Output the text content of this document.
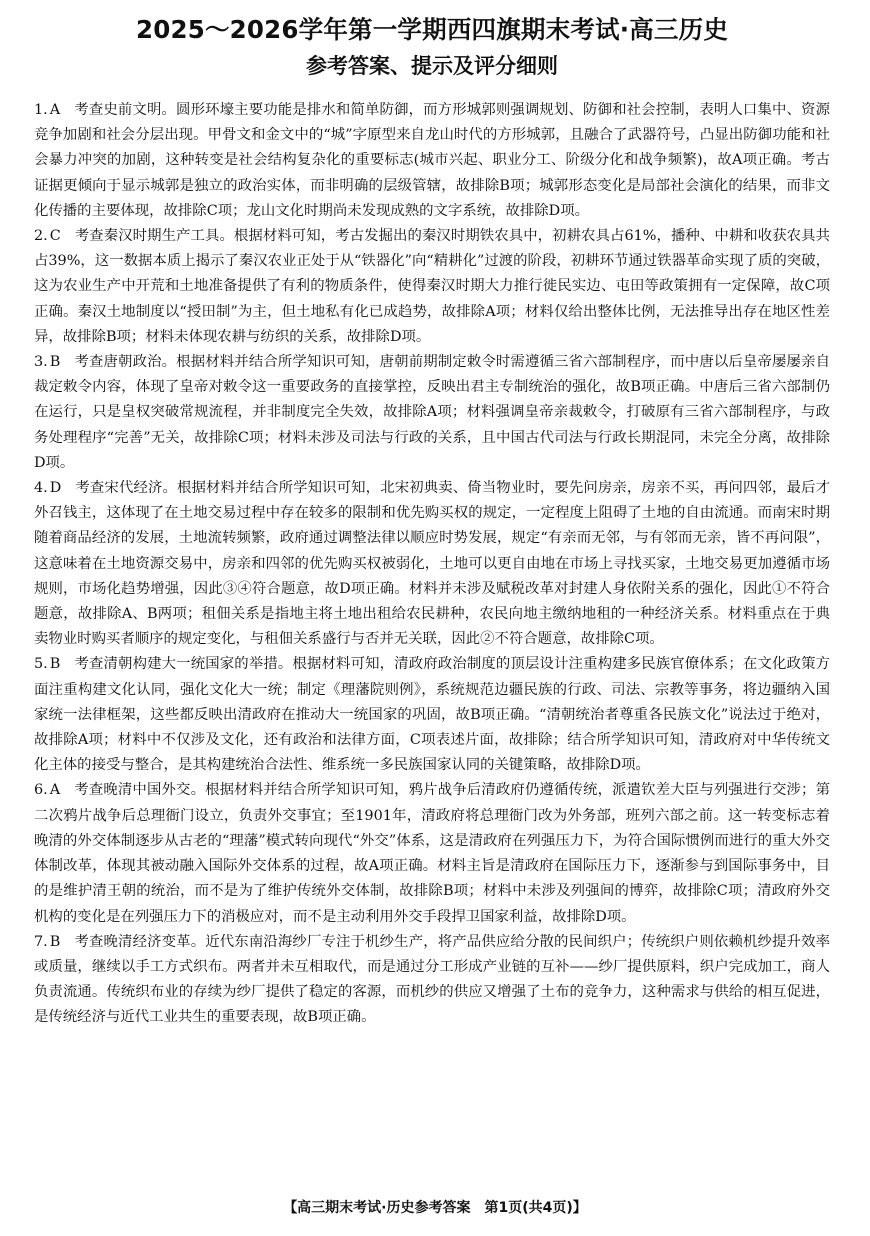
2025～2026学年第一学期西四旗期末考试·高三历史
参考答案、提示及评分细则
1. A 考查史前文明。圆形环壕主要功能是排水和简单防御，而方形城郭则强调规划、防御和社会控制，表明人口集中、资源竞争加剧和社会分层出现。甲骨文和金文中的“城”字原型来自龙山时代的方形城郭，且融合了武器符号，凸显出防御功能和社会暴力冲突的加剧，这种转变是社会结构复杂化的重要标志(城市兴起、职业分工、阶级分化和战争频繁)，故A项正确。考古证据更倾向于显示城郭是独立的政治实体，而非明确的层级管辖，故排除B项；城郭形态变化是局部社会演化的结果，而非文化传播的主要体现，故排除C项；龙山文化时期尚未发现成熟的文字系统，故排除D项。
2. C 考查秦汉时期生产工具。根据材料可知，考古发掘出的秦汉时期铁农具中，初耕农具占61%，播种、中耕和收获农具共占39%，这一数据本质上揭示了秦汉农业正处于从“铁器化”向“精耕化”过渡的阶段，初耕环节通过铁器革命实现了质的突破，这为农业生产中开荒和土地准备提供了有利的物质条件，使得秦汉时期大力推行徙民实边、屯田等政策拥有一定保障，故C项正确。秦汉土地制度以“授田制”为主，但土地私有化已成趋势，故排除A项；材料仅给出整体比例，无法推导出存在地区性差异，故排除B项；材料未体现农耕与纺织的关系，故排除D项。
3. B 考查唐朝政治。根据材料并结合所学知识可知，唐朝前期制定敕令时需遵循三省六部制程序，而中唐以后皇帝屡屡亲自裁定敕令内容，体现了皇帝对敕令这一重要政务的直接掌控，反映出君主专制统治的强化，故B项正确。中唐后三省六部制仍在运行，只是皇权突破常规流程，并非制度完全失效，故排除A项；材料强调皇帝亲裁敕令，打破原有三省六部制程序，与政务处理程序“完善”无关，故排除C项；材料未涉及司法与行政的关系，且中国古代司法与行政长期混同，未完全分离，故排除D项。
4. D 考查宋代经济。根据材料并结合所学知识可知，北宋初典卖、倚当物业时，要先问房亲，房亲不买，再问四邻，最后才外召钱主，这体现了在土地交易过程中存在较多的限制和优先购买权的规定，一定程度上阻碍了土地的自由流通。而南宋时期随着商品经济的发展，土地流转频繁，政府通过调整法律以顺应时势发展，规定“有亲而无邻，与有邻而无亲，皆不再问限”，这意味着在土地资源交易中，房亲和四邻的优先购买权被弱化，土地可以更自由地在市场上寻找买家，土地交易更加遵循市场规则，市场化趋势增强，因此③④符合题意，故D项正确。材料并未涉及赋税改革对封建人身依附关系的强化，因此①不符合题意，故排除A、B两项；租佃关系是指地主将土地出租给农民耕种，农民向地主缴纳地租的一种经济关系。材料重点在于典卖物业时购买者顺序的规定变化，与租佃关系盛行与否并无关联，因此②不符合题意，故排除C项。
5. B 考查清朝构建大一统国家的举措。根据材料可知，清政府政治制度的顶层设计注重构建多民族官僚体系；在文化政策方面注重构建文化认同，强化文化大一统；制定《理藩院则例》，系统规范边疆民族的行政、司法、宗教等事务，将边疆纳入国家统一法律框架，这些都反映出清政府在推动大一统国家的巩固，故B项正确。“清朝统治者尊重各民族文化”说法过于绝对，故排除A项；材料中不仅涉及文化，还有政治和法律方面，C项表述片面，故排除；结合所学知识可知，清政府对中华传统文化主体的接受与整合，是其构建统治合法性、维系统一多民族国家认同的关键策略，故排除D项。
6. A 考查晚清中国外交。根据材料并结合所学知识可知，鸦片战争后清政府仍遵循传统，派遣钦差大臣与列强进行交涉；第二次鸦片战争后总理衙门设立，负责外交事宜；至1901年，清政府将总理衙门改为外务部，班列六部之前。这一转变标志着晚清的外交体制逐步从古老的“理藩”模式转向现代“外交”体系，这是清政府在列强压力下，为符合国际惯例而进行的重大外交体制改革，体现其被动融入国际外交体系的过程，故A项正确。材料主旨是清政府在国际压力下，逐渐参与到国际事务中，目的是维护清王朝的统治，而不是为了维护传统外交体制，故排除B项；材料中未涉及列强间的博弈，故排除C项；清政府外交机构的变化是在列强压力下的消极应对，而不是主动利用外交手段捍卫国家利益，故排除D项。
7. B 考查晚清经济变革。近代东南沿海纱厂专注于机纱生产，将产品供应给分散的民间织户；传统织户则依赖机纱提升效率或质量，继续以手工方式织布。两者并未互相取代，而是通过分工形成产业链的互补——纱厂提供原料，织户完成加工，商人负责流通。传统织布业的存续为纱厂提供了稳定的客源，而机纱的供应又增强了土布的竞争力，这种需求与供给的相互促进，是传统经济与近代工业共生的重要表现，故B项正确。
【高三期末考试·历史参考答案　第1页(共4页)】
